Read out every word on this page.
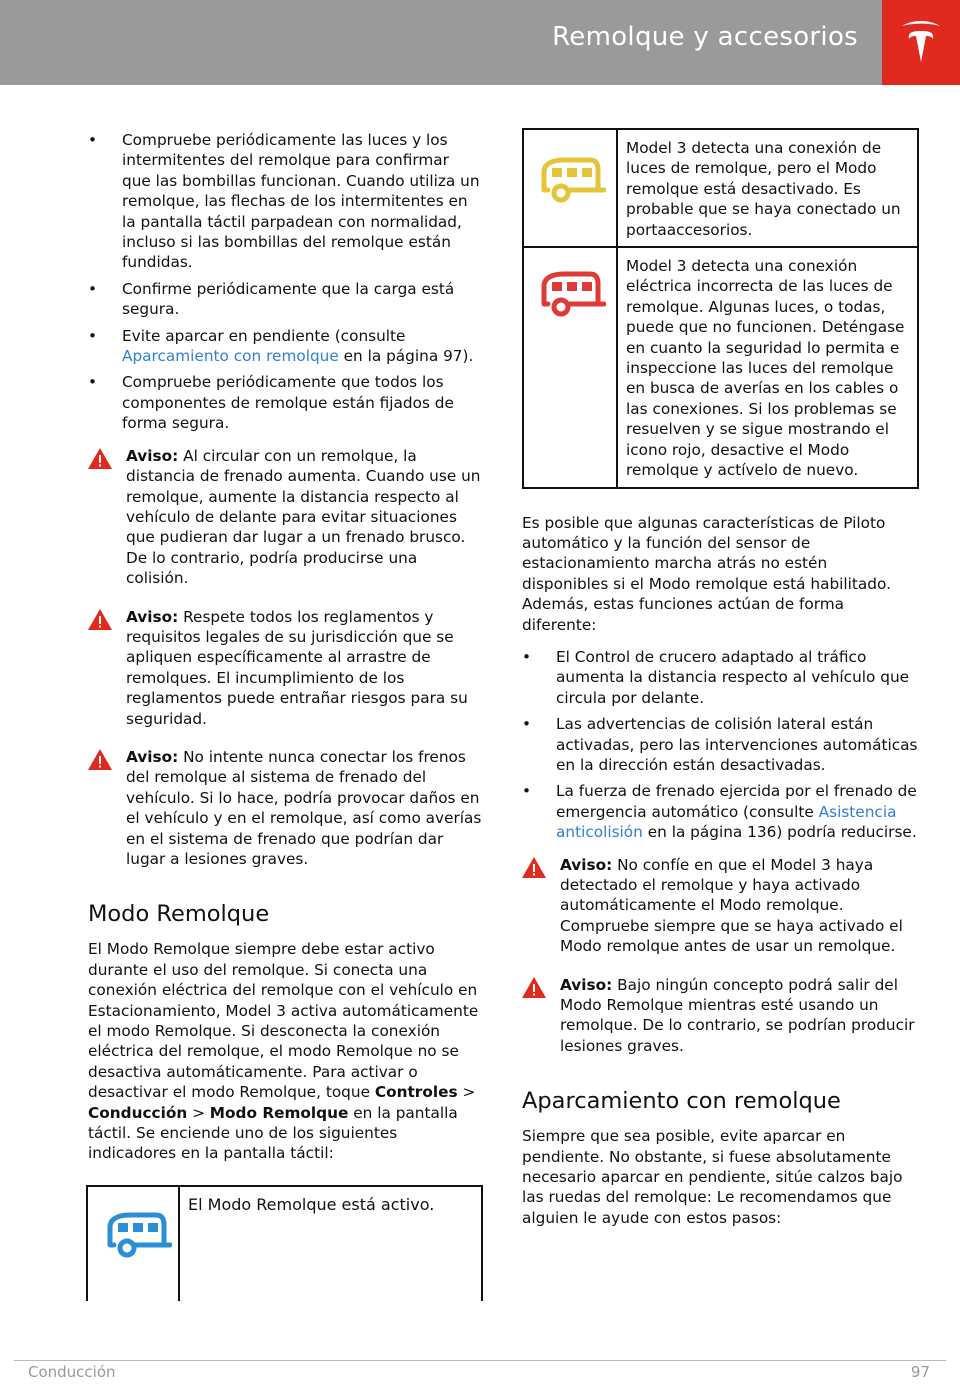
Remolque y accesorios
• Compruebe periódicamente las luces y los intermitentes del remolque para confirmar que las bombillas funcionan. Cuando utiliza un remolque, las flechas de los intermitentes en la pantalla táctil parpadean con normalidad, incluso si las bombillas del remolque están fundidas.
• Confirme periódicamente que la carga está segura.
• Evite aparcar en pendiente (consulte Aparcamiento con remolque en la página 97).
• Compruebe periódicamente que todos los componentes de remolque están fijados de forma segura.
Aviso: Al circular con un remolque, la distancia de frenado aumenta. Cuando use un remolque, aumente la distancia respecto al vehículo de delante para evitar situaciones que pudieran dar lugar a un frenado brusco. De lo contrario, podría producirse una colisión.
Aviso: Respete todos los reglamentos y requisitos legales de su jurisdicción que se apliquen específicamente al arrastre de remolques. El incumplimiento de los reglamentos puede entrañar riesgos para su seguridad.
Aviso: No intente nunca conectar los frenos del remolque al sistema de frenado del vehículo. Si lo hace, podría provocar daños en el vehículo y en el remolque, así como averías en el sistema de frenado que podrían dar lugar a lesiones graves.
Modo Remolque

El Modo Remolque siempre debe estar activo durante el uso del remolque. Si conecta una conexión eléctrica del remolque con el vehículo en Estacionamiento, Model 3 activa automáticamente el modo Remolque. Si desconecta la conexión eléctrica del remolque, el modo Remolque no se desactiva automáticamente. Para activar o desactivar el modo Remolque, toque Controles > Conducción > Modo Remolque en la pantalla táctil. Se enciende uno de los siguientes indicadores en la pantalla táctil:

	El Modo Remolque está activo.
	Model 3 detecta una conexión de luces de remolque, pero el Modo remolque está desactivado. Es probable que se haya conectado un portaaccesorios.
	Model 3 detecta una conexión eléctrica incorrecta de las luces de remolque. Algunas luces, o todas, puede que no funcionen. Deténgase en cuanto la seguridad lo permita e inspeccione las luces del remolque en busca de averías en los cables o las conexiones. Si los problemas se resuelven y se sigue mostrando el icono rojo, desactive el Modo remolque y actívelo de nuevo.

Es posible que algunas características de Piloto automático y la función del sensor de estacionamiento marcha atrás no estén disponibles si el Modo remolque está habilitado. Además, estas funciones actúan de forma diferente:

• El Control de crucero adaptado al tráfico aumenta la distancia respecto al vehículo que circula por delante.
• Las advertencias de colisión lateral están activadas, pero las intervenciones automáticas en la dirección están desactivadas.
• La fuerza de frenado ejercida por el frenado de emergencia automático (consulte Asistencia anticolisión en la página 136) podría reducirse.
Aviso: No confíe en que el Model 3 haya detectado el remolque y haya activado automáticamente el Modo remolque. Compruebe siempre que se haya activado el Modo remolque antes de usar un remolque.
Aviso: Bajo ningún concepto podrá salir del Modo Remolque mientras esté usando un remolque. De lo contrario, se podrían producir lesiones graves.
Aparcamiento con remolque

Siempre que sea posible, evite aparcar en pendiente. No obstante, si fuese absolutamente necesario aparcar en pendiente, sitúe calzos bajo las ruedas del remolque: Le recomendamos que alguien le ayude con estos pasos:

Conducción	97
